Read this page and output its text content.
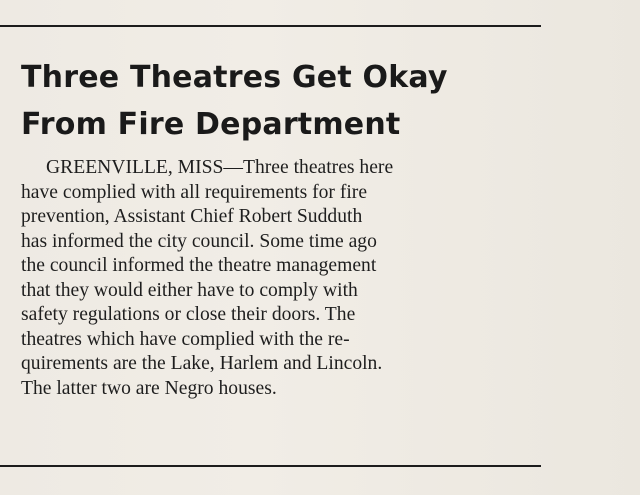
Three Theatres Get Okay
From Fire Department

GREENVILLE, MISS—Three theatres here
have complied with all requirements for fire
prevention, Assistant Chief Robert Sudduth
has informed the city council. Some time ago
the council informed the theatre management
that they would either have to comply with
safety regulations or close their doors. The
theatres which have complied with the re-
quirements are the Lake, Harlem and Lincoln.
The latter two are Negro houses.
